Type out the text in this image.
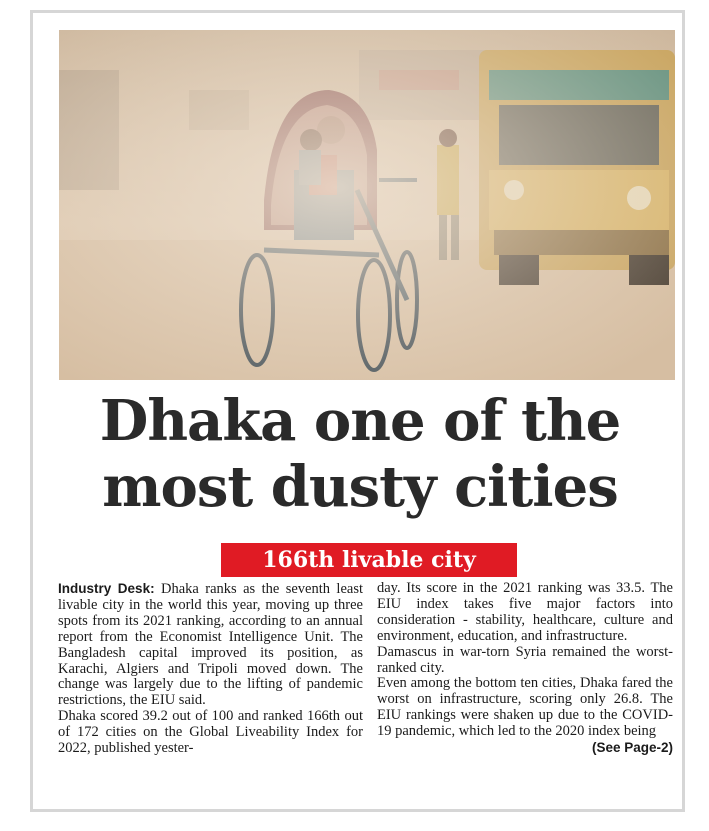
Dhaka one of the
most dusty cities
166th livable city

Industry Desk: Dhaka ranks as the seventh least livable city in the world this year, moving up three spots from its 2021 ranking, according to an annual report from the Economist Intelligence Unit. The Bangladesh capital improved its position, as Karachi, Algiers and Tripoli moved down. The change was largely due to the lifting of pandemic restrictions, the EIU said.

Dhaka scored 39.2 out of 100 and ranked 166th out of 172 cities on the Global Liveability Index for 2022, published yester-

day. Its score in the 2021 ranking was 33.5. The EIU index takes five major factors into consideration - stability, healthcare, culture and environment, education, and infrastructure.

Damascus in war-torn Syria remained the worst-ranked city.

Even among the bottom ten cities, Dhaka fared the worst on infrastructure, scoring only 26.8. The EIU rankings were shaken up due to the COVID-19 pandemic, which led to the 2020 index being
(See Page-2)
